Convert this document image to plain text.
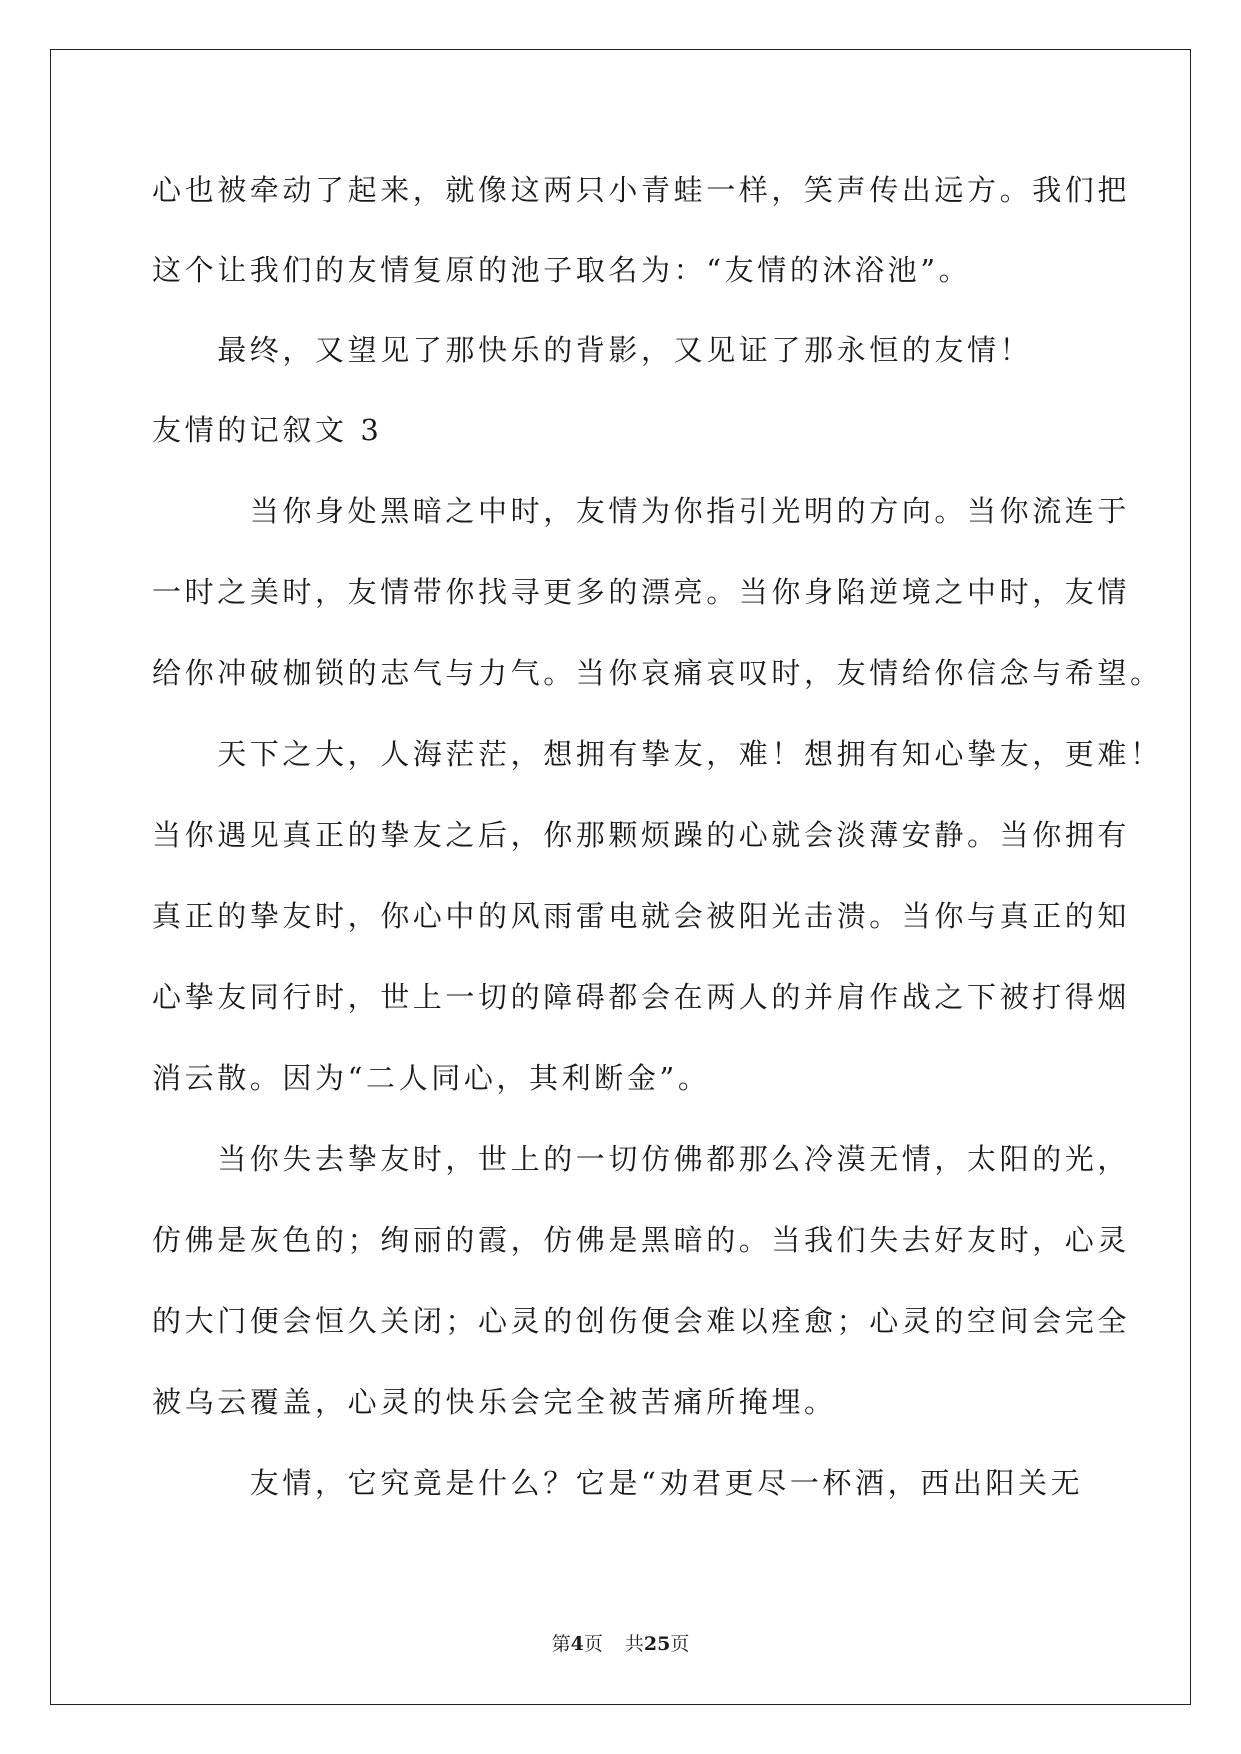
心也被牵动了起来，就像这两只小青蛙一样，笑声传出远方。我们把
这个让我们的友情复原的池子取名为：“友情的沐浴池”。
　　最终，又望见了那快乐的背影，又见证了那永恒的友情！
友情的记叙文 3
　　　当你身处黑暗之中时，友情为你指引光明的方向。当你流连于
一时之美时，友情带你找寻更多的漂亮。当你身陷逆境之中时，友情
给你冲破枷锁的志气与力气。当你哀痛哀叹时，友情给你信念与希望。
　　天下之大，人海茫茫，想拥有挚友，难！想拥有知心挚友，更难！
当你遇见真正的挚友之后，你那颗烦躁的心就会淡薄安静。当你拥有
真正的挚友时，你心中的风雨雷电就会被阳光击溃。当你与真正的知
心挚友同行时，世上一切的障碍都会在两人的并肩作战之下被打得烟
消云散。因为“二人同心，其利断金”。
　　当你失去挚友时，世上的一切仿佛都那么冷漠无情，太阳的光，
仿佛是灰色的；绚丽的霞，仿佛是黑暗的。当我们失去好友时，心灵
的大门便会恒久关闭；心灵的创伤便会难以痊愈；心灵的空间会完全
被乌云覆盖，心灵的快乐会完全被苦痛所掩埋。
　　　友情，它究竟是什么？它是“劝君更尽一杯酒，西出阳关无
第4页 共25页
